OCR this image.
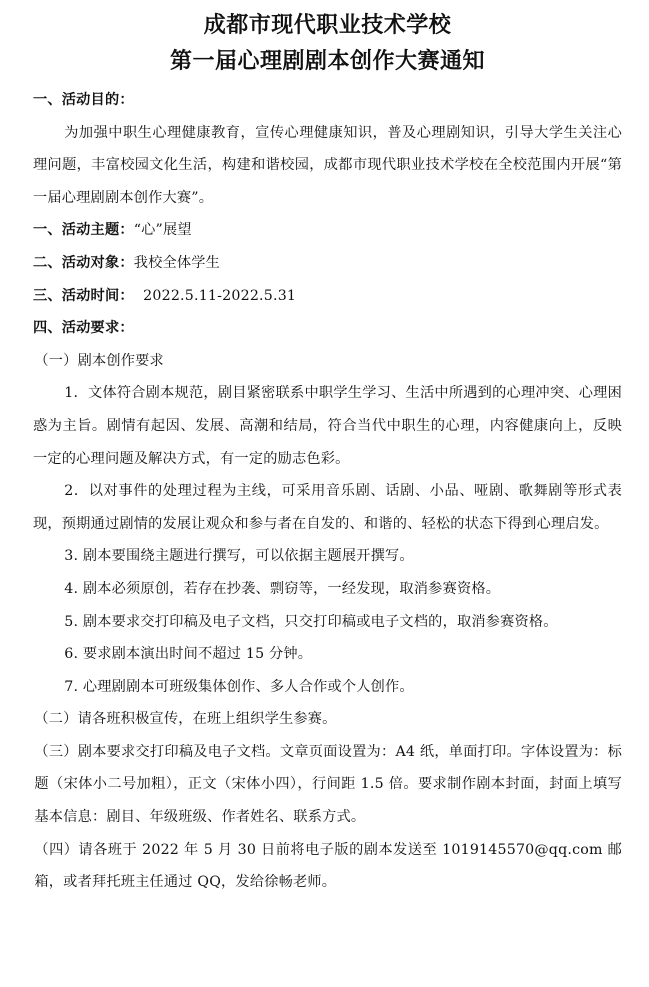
成都市现代职业技术学校
第一届心理剧剧本创作大赛通知

一、活动目的：

为加强中职生心理健康教育，宣传心理健康知识，普及心理剧知识，引导大学生关注心理问题，丰富校园文化生活，构建和谐校园，成都市现代职业技术学校在全校范围内开展“第一届心理剧剧本创作大赛”。

一、活动主题：“心”展望

二、活动对象：我校全体学生

三、活动时间：  2022.5.11-2022.5.31

四、活动要求：

（一）剧本创作要求

1．文体符合剧本规范，剧目紧密联系中职学生学习、生活中所遇到的心理冲突、心理困惑为主旨。剧情有起因、发展、高潮和结局，符合当代中职生的心理，内容健康向上，反映一定的心理问题及解决方式，有一定的励志色彩。

2．以对事件的处理过程为主线，可采用音乐剧、话剧、小品、哑剧、歌舞剧等形式表现，预期通过剧情的发展让观众和参与者在自发的、和谐的、轻松的状态下得到心理启发。

3. 剧本要围绕主题进行撰写，可以依据主题展开撰写。

4. 剧本必须原创，若存在抄袭、剽窃等，一经发现，取消参赛资格。

5. 剧本要求交打印稿及电子文档，只交打印稿或电子文档的，取消参赛资格。

6. 要求剧本演出时间不超过 15 分钟。

7. 心理剧剧本可班级集体创作、多人合作或个人创作。

（二）请各班积极宣传，在班上组织学生参赛。

（三）剧本要求交打印稿及电子文档。文章页面设置为：A4 纸，单面打印。字体设置为：标题（宋体小二号加粗），正文（宋体小四），行间距 1.5 倍。要求制作剧本封面，封面上填写基本信息：剧目、年级班级、作者姓名、联系方式。

（四）请各班于 2022 年 5 月 30 日前将电子版的剧本发送至 1019145570@qq.com 邮箱，或者拜托班主任通过 QQ，发给徐畅老师。
